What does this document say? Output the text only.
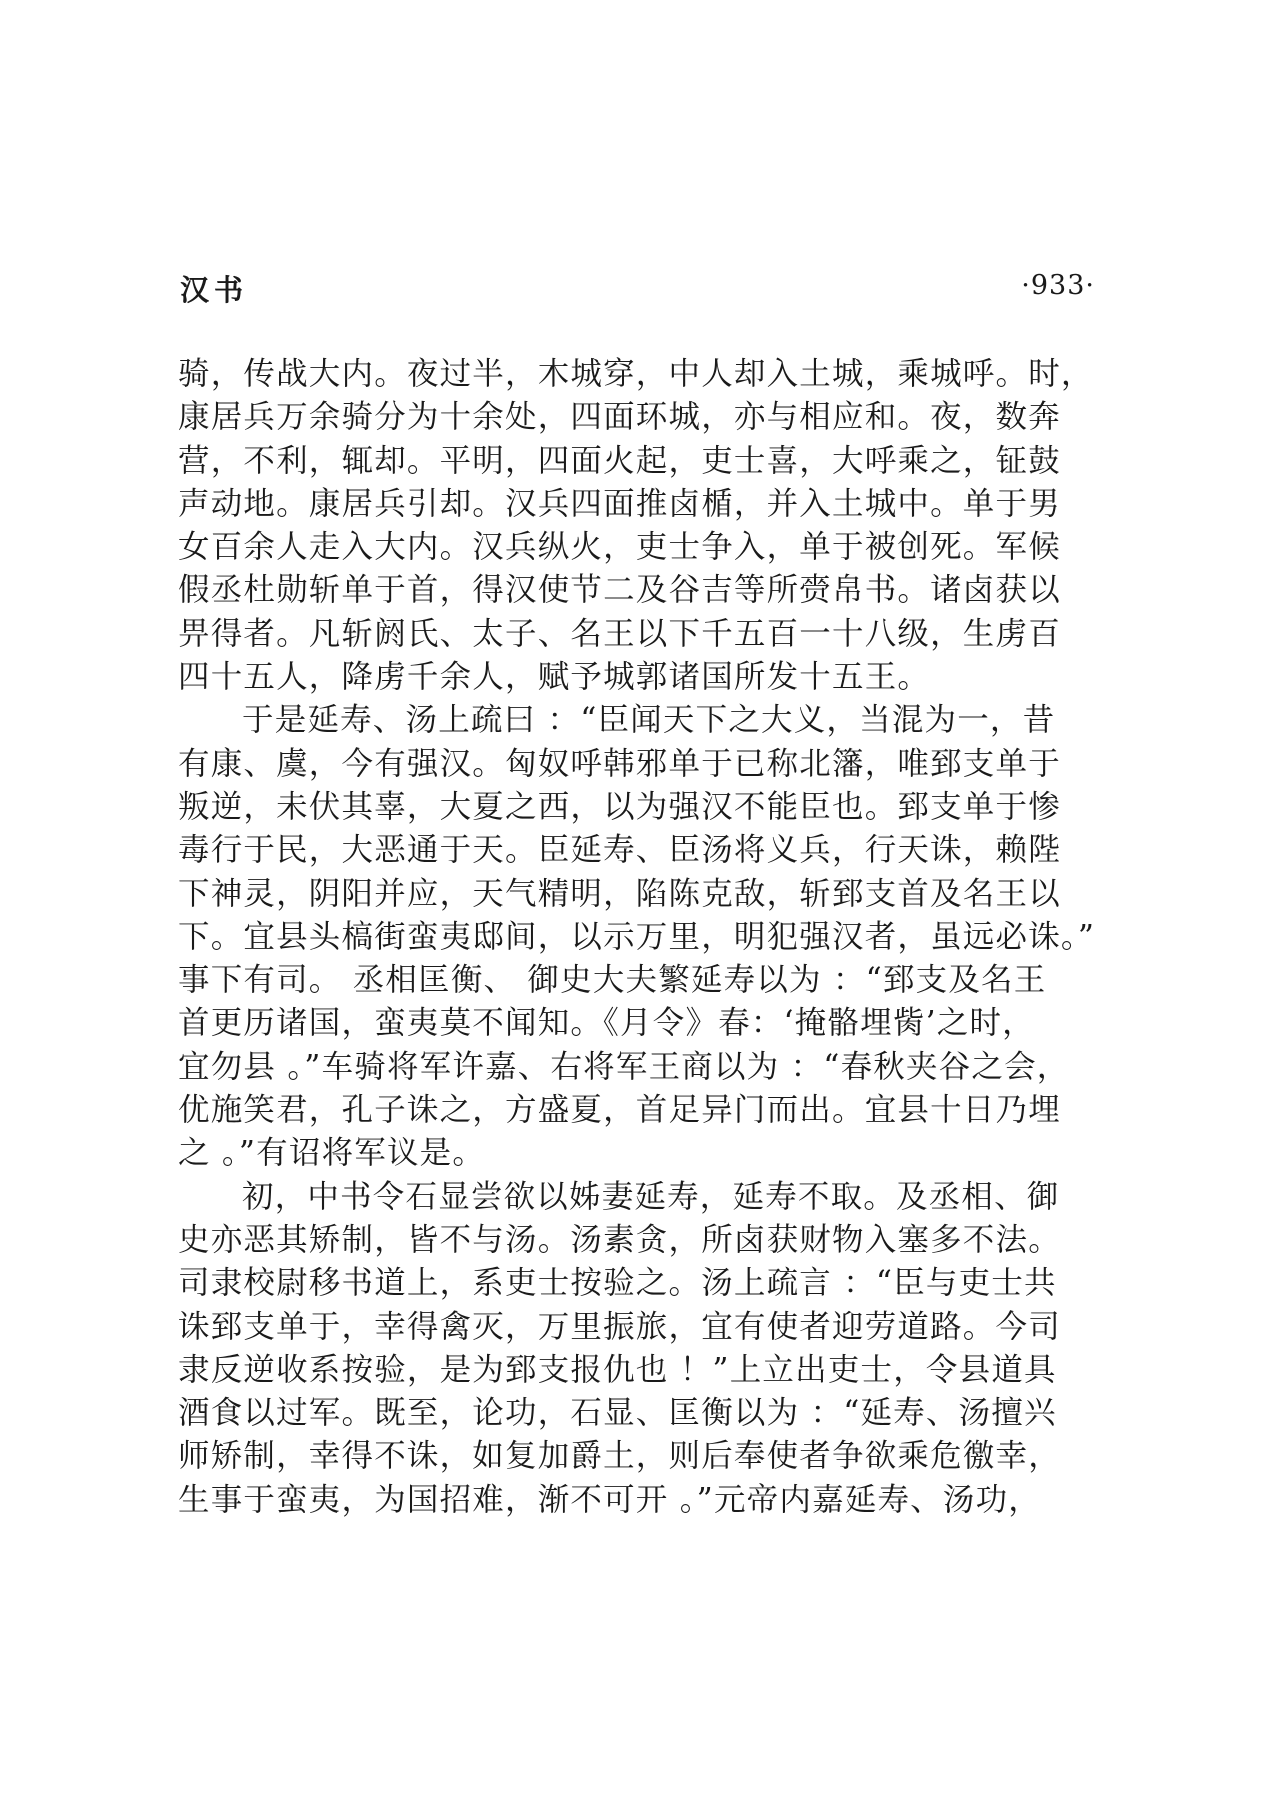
汉书	·933·
骑，传战大内。夜过半，木城穿，中人却入土城，乘城呼。时，
康居兵万余骑分为十余处，四面环城，亦与相应和。夜，数奔
营，不利，辄却。平明，四面火起，吏士喜，大呼乘之，钲鼓
声动地。康居兵引却。汉兵四面推卤楯，并入土城中。单于男
女百余人走入大内。汉兵纵火，吏士争入，单于被创死。军候
假丞杜勋斩单于首，得汉使节二及谷吉等所赍帛书。诸卤获以
畀得者。凡斩阏氏、太子、名王以下千五百一十八级，生虏百
四十五人，降虏千余人，赋予城郭诸国所发十五王。
于是延寿、汤上疏曰 ：“臣闻天下之大义，当混为一，昔
有康、虞，今有强汉。匈奴呼韩邪单于已称北籓，唯郅支单于
叛逆，未伏其辜，大夏之西，以为强汉不能臣也。郅支单于惨
毒行于民，大恶通于天。臣延寿、臣汤将义兵，行天诛，赖陛
下神灵，阴阳并应，天气精明，陷陈克敌，斩郅支首及名王以
下。宜县头槁街蛮夷邸间，以示万里，明犯强汉者，虽远必诛。”
事下有司。 丞相匡衡、 御史大夫繁延寿以为 ：“郅支及名王
首更历诸国，蛮夷莫不闻知。《月令》春：‘掩骼埋胔’之时，
宜勿县 。”车骑将军许嘉、右将军王商以为 ：“春秋夹谷之会，
优施笑君，孔子诛之，方盛夏，首足异门而出。宜县十日乃埋
之 。”有诏将军议是。
初，中书令石显尝欲以姊妻延寿，延寿不取。及丞相、御
史亦恶其矫制，皆不与汤。汤素贪，所卤获财物入塞多不法。
司隶校尉移书道上，系吏士按验之。汤上疏言 ：“臣与吏士共
诛郅支单于，幸得禽灭，万里振旅，宜有使者迎劳道路。今司
隶反逆收系按验，是为郅支报仇也 ！”上立出吏士，令县道具
酒食以过军。既至，论功，石显、匡衡以为 ：“延寿、汤擅兴
师矫制，幸得不诛，如复加爵土，则后奉使者争欲乘危徼幸，
生事于蛮夷，为国招难，渐不可开 。”元帝内嘉延寿、汤功，
